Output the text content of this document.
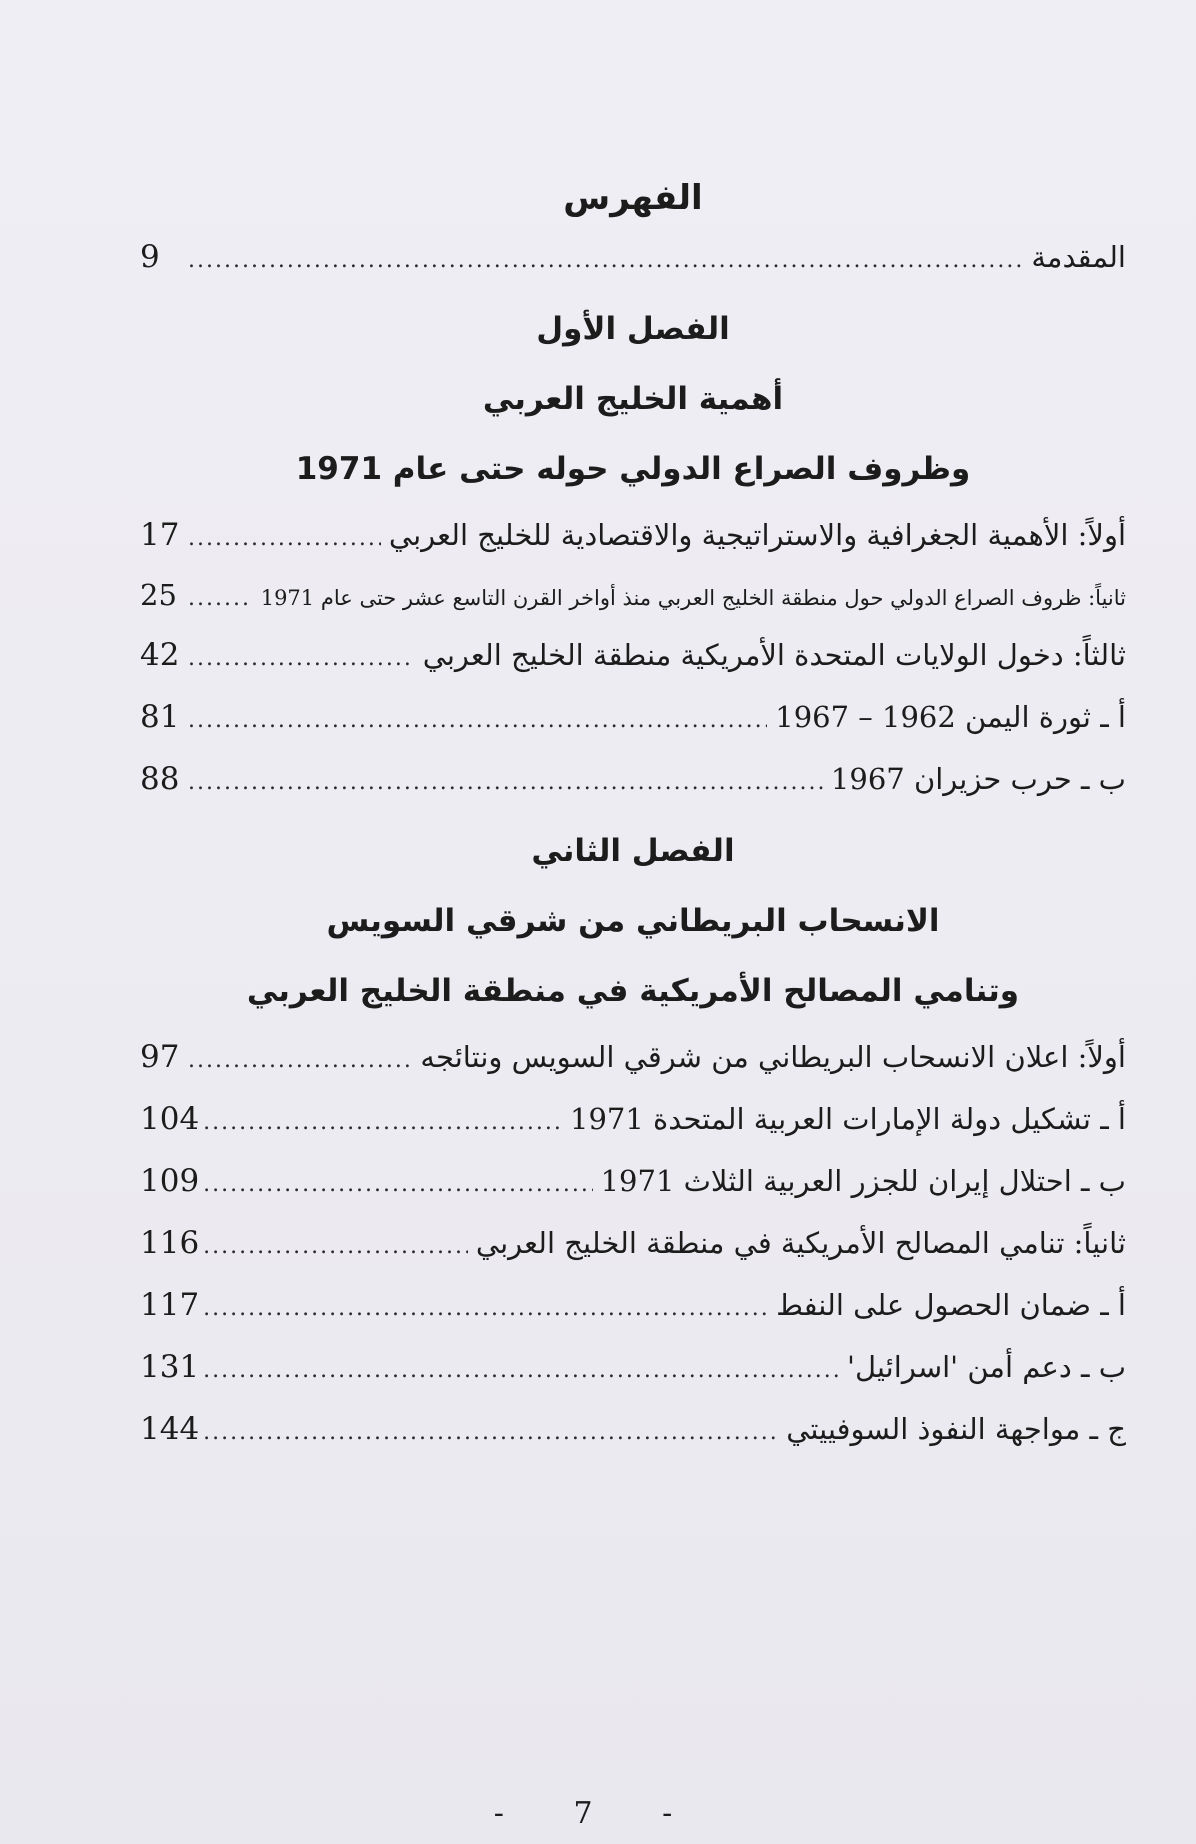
الفهرس
المقدمة
.....
9
الفصل الأول
أهمية الخليج العربي
وظروف الصراع الدولي حوله حتى عام 1971
أولاً: الأهمية الجغرافية والاستراتيجية والاقتصادية للخليج العربي
.....
17
ثانياً: ظروف الصراع الدولي حول منطقة الخليج العربي منذ أواخر القرن التاسع عشر حتى عام 1971
.....
25
ثالثاً: دخول الولايات المتحدة الأمريكية منطقة الخليج العربي
.....
42
أ ـ ثورة اليمن 1962 – 1967
.....
81
ب ـ حرب حزيران 1967
.....
88
الفصل الثاني
الانسحاب البريطاني من شرقي السويس
وتنامي المصالح الأمريكية في منطقة الخليج العربي
أولاً: اعلان الانسحاب البريطاني من شرقي السويس ونتائجه
.....
97
أ ـ تشكيل دولة الإمارات العربية المتحدة 1971
.....
104
ب ـ احتلال إيران للجزر العربية الثلاث 1971
.....
109
ثانياً: تنامي المصالح الأمريكية في منطقة الخليج العربي
.....
116
أ ـ ضمان الحصول على النفط
.....
117
ب ـ دعم أمن 'اسرائيل'
.....
131
ج ـ مواجهة النفوذ السوفييتي
.....
144
- 7 -
